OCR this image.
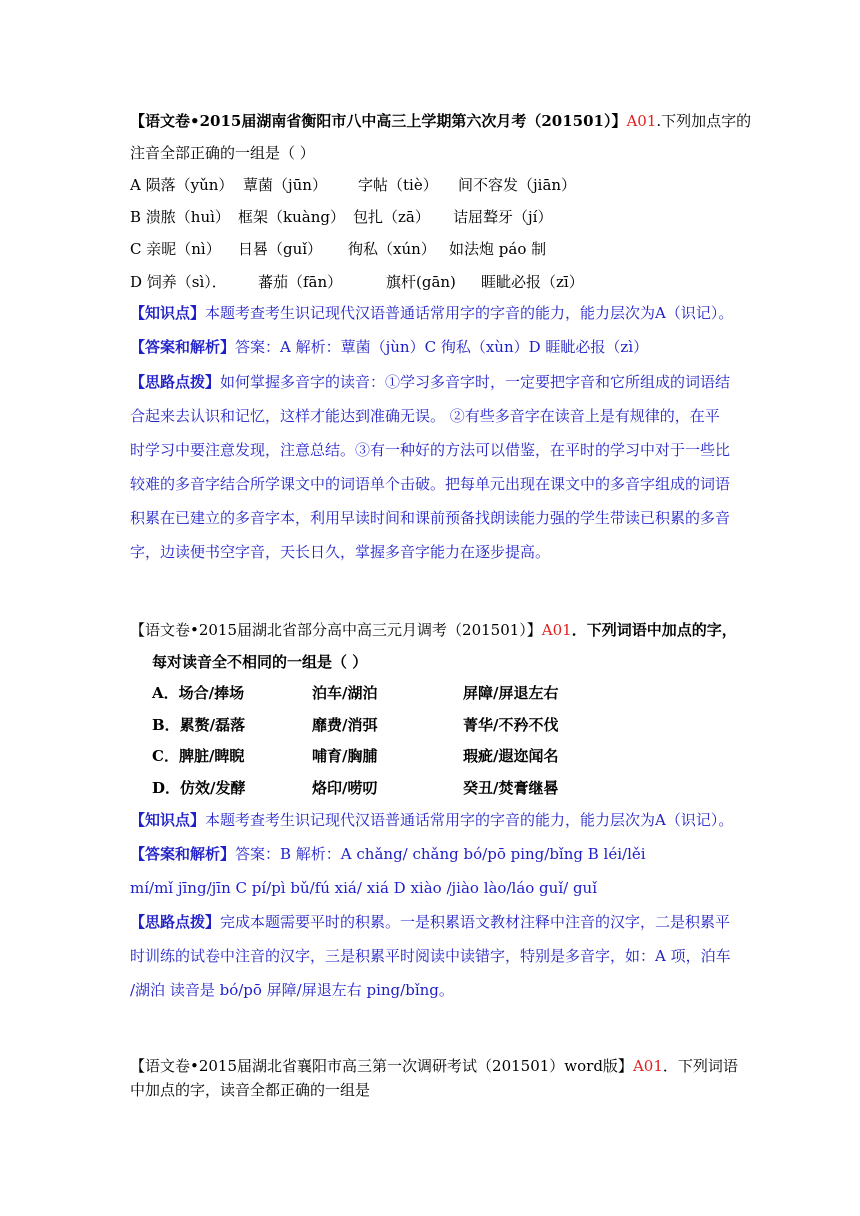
【语文卷•2015届湖南省衡阳市八中高三上学期第六次月考（201501）】A01.下列加点字的
注音全部正确的一组是（ ）
A 陨落（yǔn） 蕈菌（jūn） 字帖（tiè） 间不容发（jiān）
B 溃脓（huì） 框架（kuàng） 包扎（zā） 诘屈聱牙（jí）
C 亲昵（nì） 日晷（guǐ） 徇私（xún） 如法炮 páo 制
D 饲养（sì）． 蕃茄（fān）	旗杆(gān) 睚眦必报（zī）
【知识点】本题考查考生识记现代汉语普通话常用字的字音的能力，能力层次为A（识记）。
【答案和解析】答案：A 解析：蕈菌（jùn）C 徇私（xùn）D 睚眦必报（zì）
【思路点拨】如何掌握多音字的读音：①学习多音字时，一定要把字音和它所组成的词语结
合起来去认识和记忆，这样才能达到准确无误。 ②有些多音字在读音上是有规律的，在平
时学习中要注意发现，注意总结。③有一种好的方法可以借鉴，在平时的学习中对于一些比
较难的多音字结合所学课文中的词语单个击破。把每单元出现在课文中的多音字组成的词语
积累在已建立的多音字本，利用早读时间和课前预备找朗读能力强的学生带读已积累的多音
字，边读便书空字音，天长日久，掌握多音字能力在逐步提高。
【语文卷•2015届湖北省部分高中高三元月调考（201501）】A01．下列词语中加点的字，
每对读音全不相同的一组是（ ）
A．场合/捧场	泊车/湖泊	屏障/屏退左右
B．累赘/磊落	靡费/消弭	菁华/不矜不伐
C．脾脏/睥睨	哺育/胸脯	瑕疵/遐迩闻名
D．仿效/发酵	烙印/唠叨	癸丑/焚膏继晷
【知识点】本题考查考生识记现代汉语普通话常用字的字音的能力，能力层次为A（识记）。
【答案和解析】答案：B 解析：A chǎng/ chǎng bó/pō ping/bǐng B léi/lěi
mí/mǐ jīng/jīn C pí/pì bǔ/fú xiá/ xiá D xiào /jiào lào/láo guǐ/ guǐ
【思路点拨】完成本题需要平时的积累。一是积累语文教材注释中注音的汉字，二是积累平
时训练的试卷中注音的汉字，三是积累平时阅读中读错字，特别是多音字，如：A 项，泊车
/湖泊 读音是 bó/pō 屏障/屏退左右 ping/bǐng。
【语文卷•2015届湖北省襄阳市高三第一次调研考试（201501）word版】A01．下列词语
中加点的字，读音全都正确的一组是
